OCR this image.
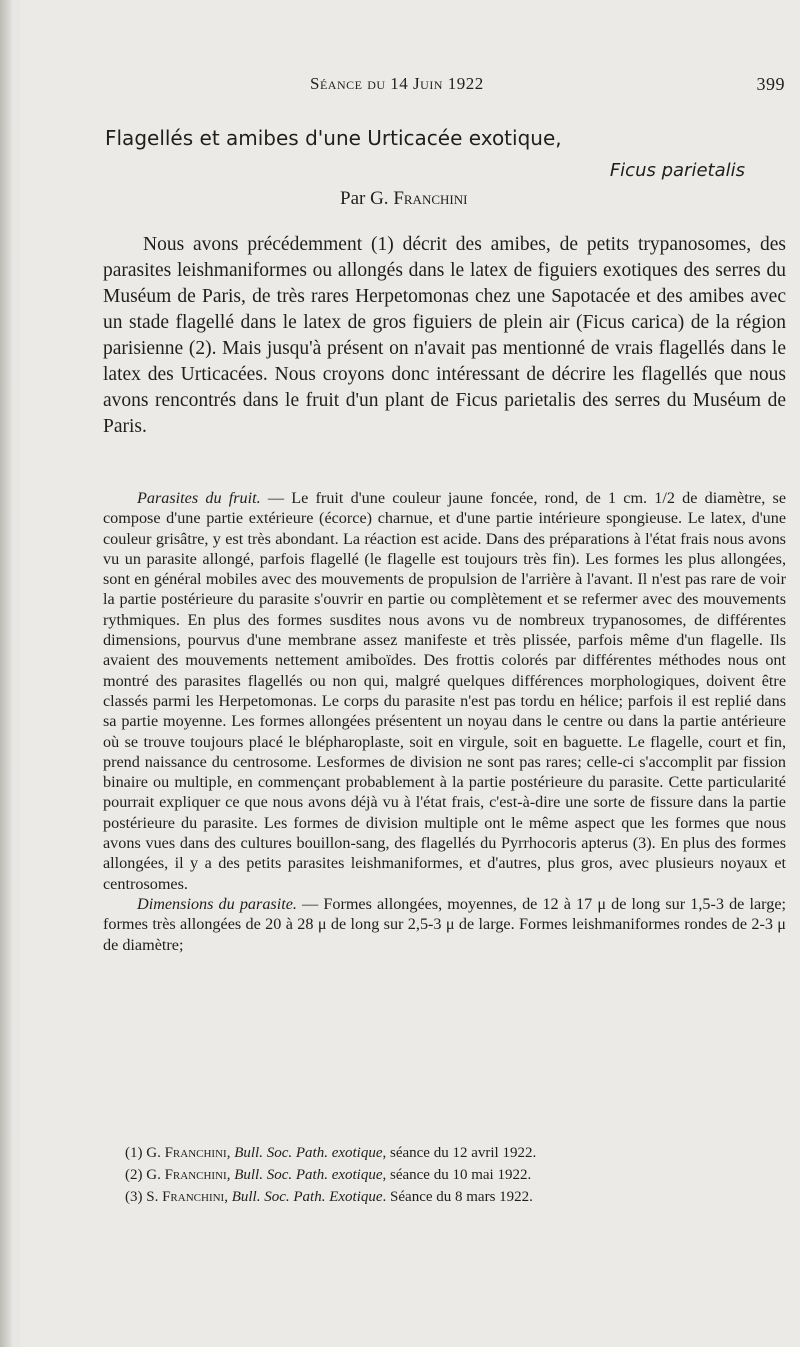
Séance du 14 Juin 1922	399
Flagellés et amibes d'une Urticacée exotique,
Ficus parietalis
Par G. Franchini
Nous avons précédemment (1) décrit des amibes, de petits trypanosomes, des parasites leishmaniformes ou allongés dans le latex de figuiers exotiques des serres du Muséum de Paris, de très rares Herpetomonas chez une Sapotacée et des amibes avec un stade flagellé dans le latex de gros figuiers de plein air (Ficus carica) de la région parisienne (2). Mais jusqu'à présent on n'avait pas mentionné de vrais flagellés dans le latex des Urticacées. Nous croyons donc intéressant de décrire les flagellés que nous avons rencontrés dans le fruit d'un plant de Ficus parietalis des serres du Muséum de Paris.

Parasites du fruit. — Le fruit d'une couleur jaune foncée, rond, de 1 cm. 1/2 de diamètre, se compose d'une partie extérieure (écorce) charnue, et d'une partie intérieure spongieuse. Le latex, d'une couleur grisâtre, y est très abondant. La réaction est acide. Dans des préparations à l'état frais nous avons vu un parasite allongé, parfois flagellé (le flagelle est toujours très fin). Les formes les plus allongées, sont en général mobiles avec des mouvements de propulsion de l'arrière à l'avant. Il n'est pas rare de voir la partie postérieure du parasite s'ouvrir en partie ou complètement et se refermer avec des mouvements rythmiques. En plus des formes susdites nous avons vu de nombreux trypanosomes, de différentes dimensions, pourvus d'une membrane assez manifeste et très plissée, parfois même d'un flagelle. Ils avaient des mouvements nettement amiboïdes. Des frottis colorés par différentes méthodes nous ont montré des parasites flagellés ou non qui, malgré quelques différences morphologiques, doivent être classés parmi les Herpetomonas. Le corps du parasite n'est pas tordu en hélice; parfois il est replié dans sa partie moyenne. Les formes allongées présentent un noyau dans le centre ou dans la partie antérieure où se trouve toujours placé le blépharoplaste, soit en virgule, soit en baguette. Le flagelle, court et fin, prend naissance du centrosome. Lesformes de division ne sont pas rares; celle-ci s'accomplit par fission binaire ou multiple, en commençant probablement à la partie postérieure du parasite. Cette particularité pourrait expliquer ce que nous avons déjà vu à l'état frais, c'est-à-dire une sorte de fissure dans la partie postérieure du parasite. Les formes de division multiple ont le même aspect que les formes que nous avons vues dans des cultures bouillon-sang, des flagellés du Pyrrhocoris apterus (3). En plus des formes allongées, il y a des petits parasites leishmaniformes, et d'autres, plus gros, avec plusieurs noyaux et centrosomes.

Dimensions du parasite. — Formes allongées, moyennes, de 12 à 17 μ de long sur 1,5-3 de large; formes très allongées de 20 à 28 μ de long sur 2,5-3 μ de large. Formes leishmaniformes rondes de 2-3 μ de diamètre;

(1) G. Franchini, Bull. Soc. Path. exotique, séance du 12 avril 1922.
(2) G. Franchini, Bull. Soc. Path. exotique, séance du 10 mai 1922.
(3) S. Franchini, Bull. Soc. Path. Exotique. Séance du 8 mars 1922.
